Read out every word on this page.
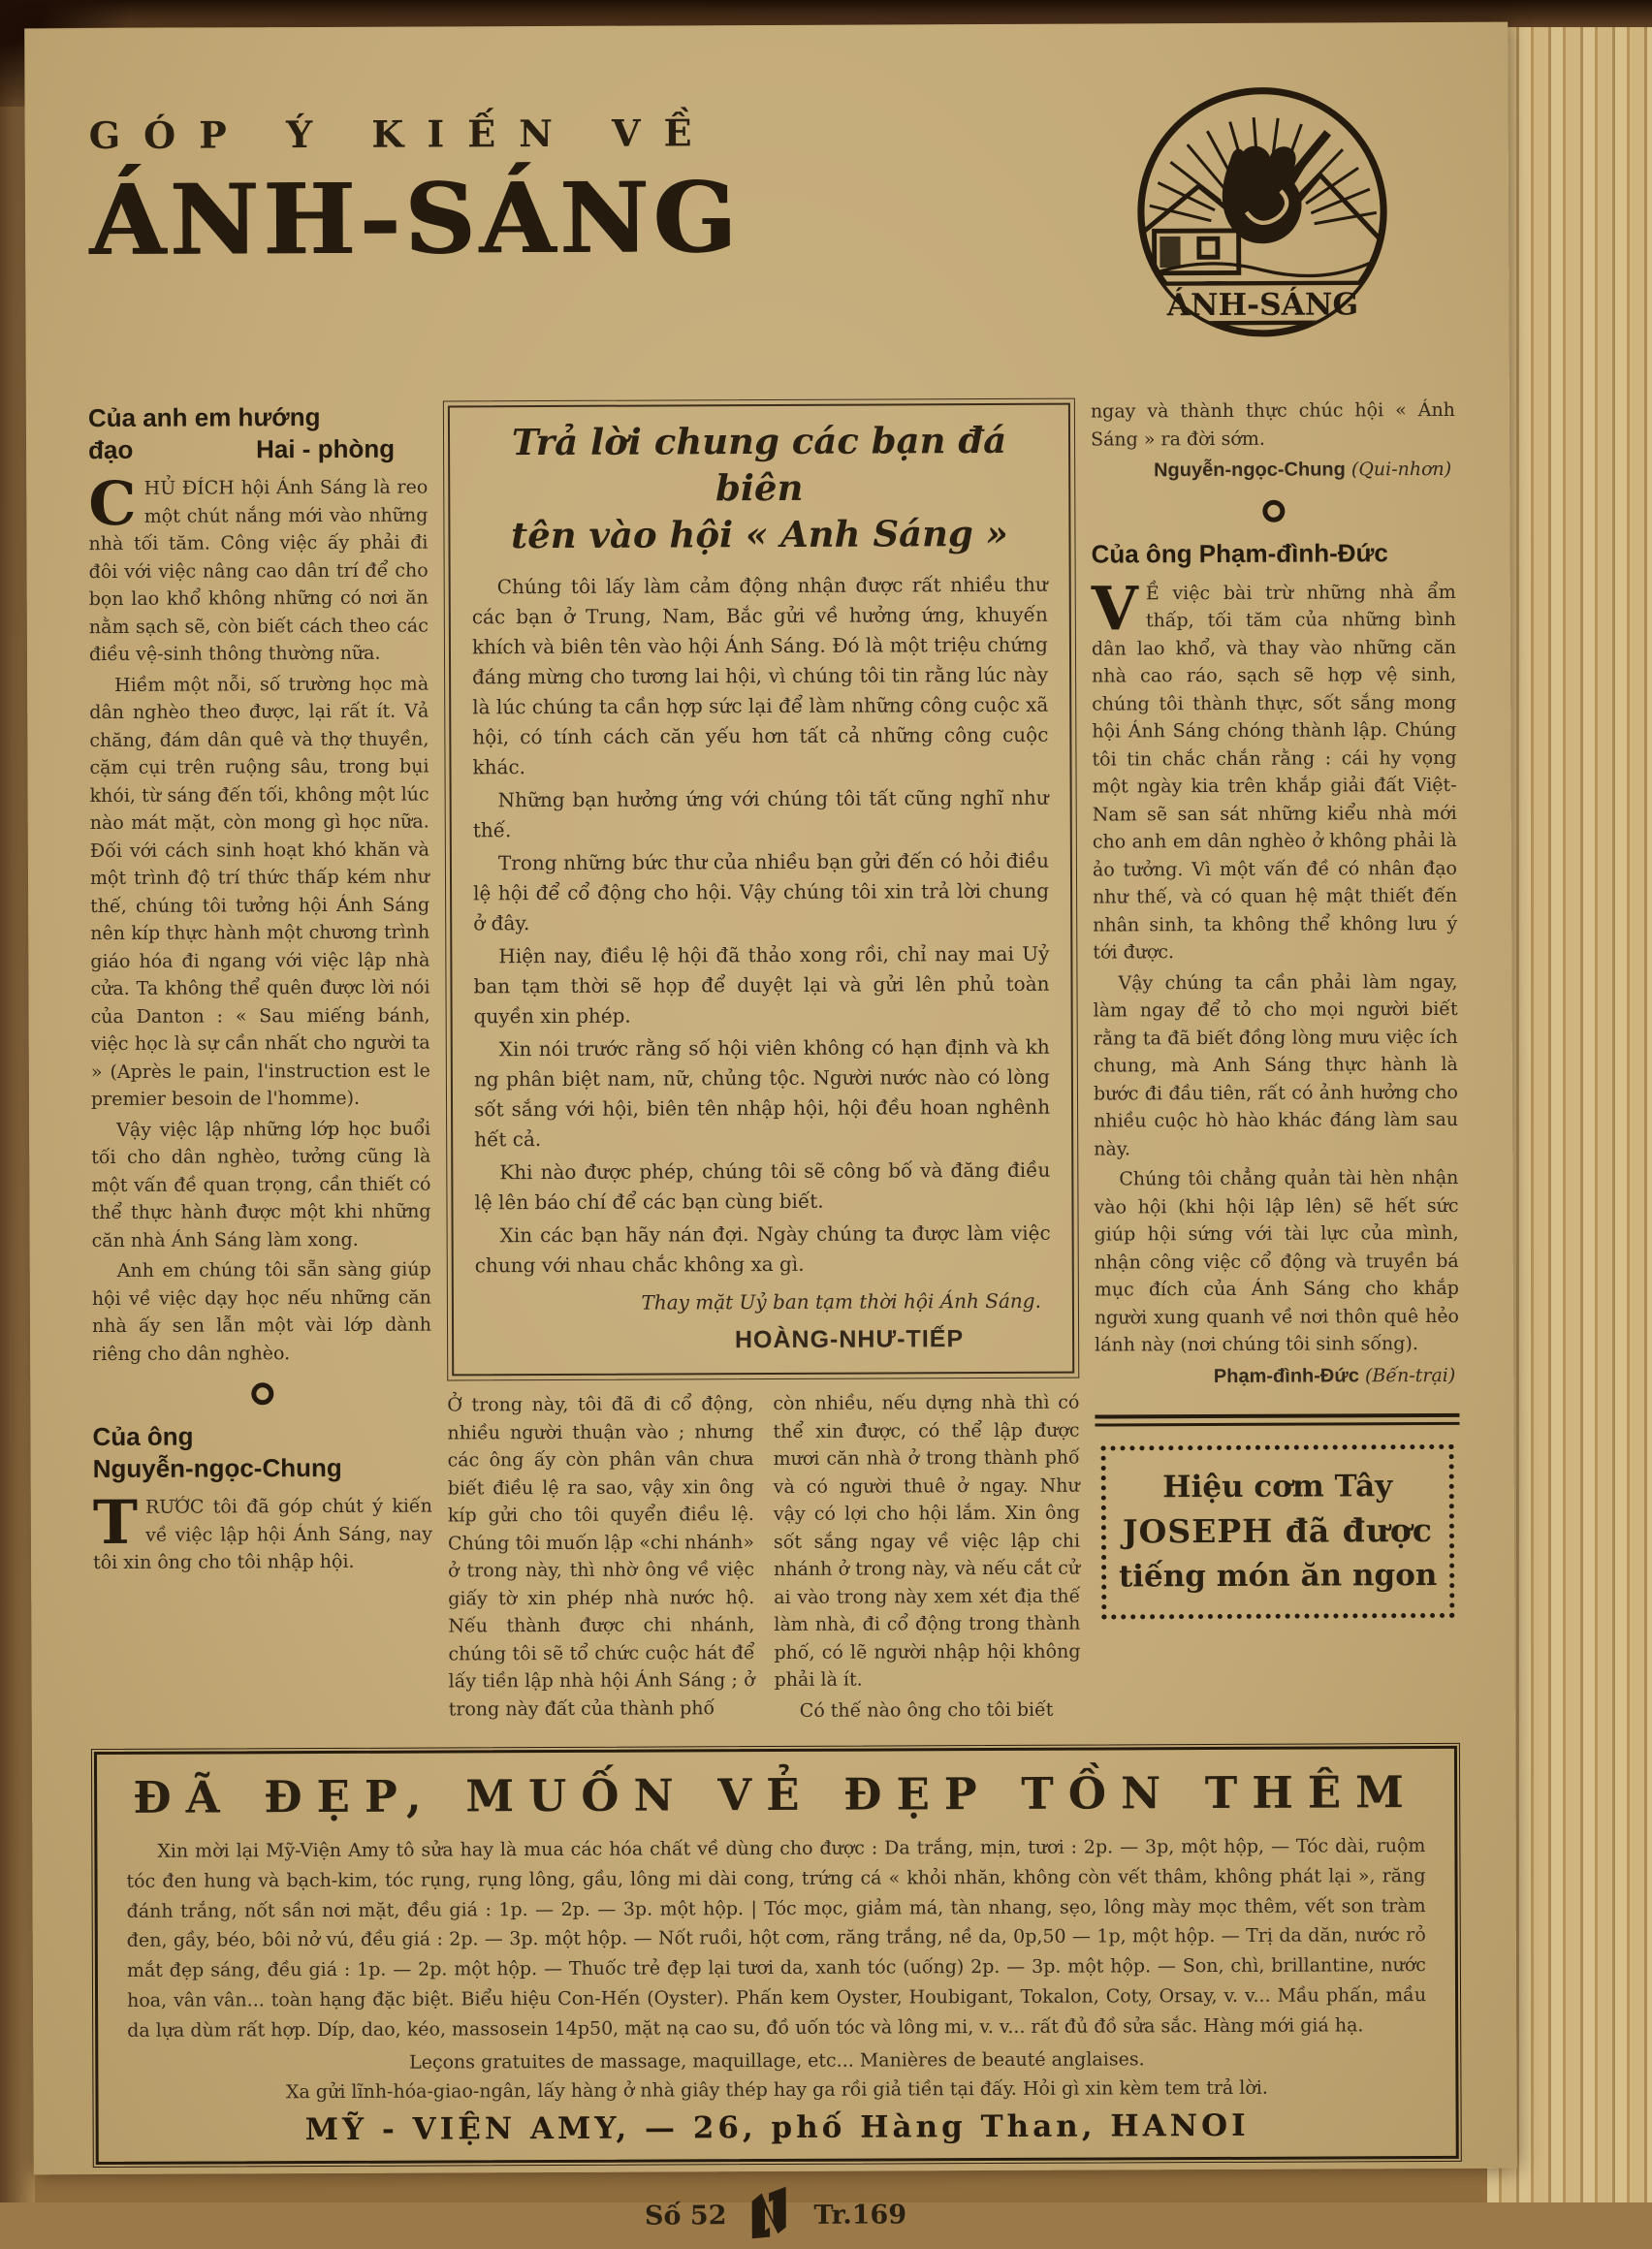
GÓP Ý KIẾN VỀ
ÁNH-SÁNG
ÁNH-SÁNG
Của anh em hướng
đạo	Hai - phòng

C HỦ ĐÍCH hội Ánh Sáng là reo một chút nắng mới vào những nhà tối tăm. Công việc ấy phải đi đôi với việc nâng cao dân trí để cho bọn lao khổ không những có nơi ăn nằm sạch sẽ, còn biết cách theo các điều vệ-sinh thông thường nữa.

Hiềm một nỗi, số trường học mà dân nghèo theo được, lại rất ít. Vả chăng, đám dân quê và thợ thuyền, cặm cụi trên ruộng sâu, trong bụi khói, từ sáng đến tối, không một lúc nào mát mặt, còn mong gì học nữa. Đối với cách sinh hoạt khó khăn và một trình độ trí thức thấp kém như thế, chúng tôi tưởng hội Ánh Sáng nên kíp thực hành một chương trình giáo hóa đi ngang với việc lập nhà cửa. Ta không thể quên được lời nói của Danton : « Sau miếng bánh, việc học là sự cần nhất cho người ta » (Après le pain, l'instruction est le premier besoin de l'homme).

Vậy việc lập những lớp học buổi tối cho dân nghèo, tưởng cũng là một vấn đề quan trọng, cần thiết có thể thực hành được một khi những căn nhà Ánh Sáng làm xong.

Anh em chúng tôi sẵn sàng giúp hội về việc dạy học nếu những căn nhà ấy sen lẫn một vài lớp dành riêng cho dân nghèo.

Của ông
Nguyễn-ngọc-Chung

T RƯỚC tôi đã góp chút ý kiến về việc lập hội Ánh Sáng, nay tôi xin ông cho tôi nhập hội.

Trả lời chung các bạn đá biên
tên vào hội « Anh Sáng »

Chúng tôi lấy làm cảm động nhận được rất nhiều thư các bạn ở Trung, Nam, Bắc gửi về hưởng ứng, khuyến khích và biên tên vào hội Ánh Sáng. Đó là một triệu chứng đáng mừng cho tương lai hội, vì chúng tôi tin rằng lúc này là lúc chúng ta cần hợp sức lại để làm những công cuộc xã hội, có tính cách căn yếu hơn tất cả những công cuộc khác.

Những bạn hưởng ứng với chúng tôi tất cũng nghĩ như thế.

Trong những bức thư của nhiều bạn gửi đến có hỏi điều lệ hội để cổ động cho hội. Vậy chúng tôi xin trả lời chung ở đây.

Hiện nay, điều lệ hội đã thảo xong rồi, chỉ nay mai Uỷ ban tạm thời sẽ họp để duyệt lại và gửi lên phủ toàn quyền xin phép.

Xin nói trước rằng số hội viên không có hạn định và kh ng phân biệt nam, nữ, chủng tộc. Người nước nào có lòng sốt sắng với hội, biên tên nhập hội, hội đều hoan nghênh hết cả.

Khi nào được phép, chúng tôi sẽ công bố và đăng điều lệ lên báo chí để các bạn cùng biết.

Xin các bạn hãy nán đợi. Ngày chúng ta được làm việc chung với nhau chắc không xa gì.

Thay mặt Uỷ ban tạm thời hội Ánh Sáng.

HOÀNG-NHƯ-TIẾP

Ở trong này, tôi đã đi cổ động, nhiều người thuận vào ; nhưng các ông ấy còn phân vân chưa biết điều lệ ra sao, vậy xin ông kíp gửi cho tôi quyển điều lệ. Chúng tôi muốn lập «chi nhánh» ở trong này, thì nhờ ông về việc giấy tờ xin phép nhà nước hộ. Nếu thành được chi nhánh, chúng tôi sẽ tổ chức cuộc hát để lấy tiền lập nhà hội Ánh Sáng ; ở trong này đất của thành phố

còn nhiều, nếu dựng nhà thì có thể xin được, có thể lập được mươi căn nhà ở trong thành phố và có người thuê ở ngay. Như vậy có lợi cho hội lắm. Xin ông sốt sắng ngay về việc lập chi nhánh ở trong này, và nếu cắt cử ai vào trong này xem xét địa thế làm nhà, đi cổ động trong thành phố, có lẽ người nhập hội không phải là ít.

Có thế nào ông cho tôi biết

ngay và thành thực chúc hội « Ánh Sáng » ra đời sớm.

Nguyễn-ngọc-Chung (Qui-nhơn)

Của ông Phạm-đình-Đức

V Ề việc bài trừ những nhà ẩm thấp, tối tăm của những bình dân lao khổ, và thay vào những căn nhà cao ráo, sạch sẽ hợp vệ sinh, chúng tôi thành thực, sốt sắng mong hội Ánh Sáng chóng thành lập. Chúng tôi tin chắc chắn rằng : cái hy vọng một ngày kia trên khắp giải đất Việt-Nam sẽ san sát những kiểu nhà mới cho anh em dân nghèo ở không phải là ảo tưởng. Vì một vấn đề có nhân đạo như thế, và có quan hệ mật thiết đến nhân sinh, ta không thể không lưu ý tới được.

Vậy chúng ta cần phải làm ngay, làm ngay để tỏ cho mọi người biết rằng ta đã biết đồng lòng mưu việc ích chung, mà Anh Sáng thực hành là bước đi đầu tiên, rất có ảnh hưởng cho nhiều cuộc hò hào khác đáng làm sau này.

Chúng tôi chẳng quản tài hèn nhận vào hội (khi hội lập lên) sẽ hết sức giúp hội sứng với tài lực của mình, nhận công việc cổ động và truyền bá mục đích của Ánh Sáng cho khắp người xung quanh về nơi thôn quê hẻo lánh này (nơi chúng tôi sinh sống).

Phạm-đình-Đức (Bến-trại)

Hiệu cơm Tây
JOSEPH đã được
tiếng món ăn ngon
ĐÃ ĐẸP, MUỐN VẺ ĐẸP TỒN THÊM

Xin mời lại Mỹ-Viện Amy tô sửa hay là mua các hóa chất về dùng cho được : Da trắng, mịn, tươi : 2p. — 3p, một hộp, — Tóc dài, ruộm tóc đen hung và bạch-kim, tóc rụng, rụng lông, gầu, lông mi dài cong, trứng cá « khỏi nhăn, không còn vết thâm, không phát lại », răng đánh trắng, nốt sần nơi mặt, đều giá : 1p. — 2p. — 3p. một hộp. | Tóc mọc, giảm má, tàn nhang, sẹo, lông mày mọc thêm, vết son tràm đen, gầy, béo, bôi nở vú, đều giá : 2p. — 3p. một hộp. — Nốt ruồi, hột cơm, răng trắng, nề da, 0p,50 — 1p, một hộp. — Trị da dăn, nước rỏ mắt đẹp sáng, đều giá : 1p. — 2p. một hộp. — Thuốc trẻ đẹp lại tươi da, xanh tóc (uống) 2p. — 3p. một hộp. — Son, chì, brillantine, nước hoa, vân vân... toàn hạng đặc biệt. Biểu hiệu Con-Hến (Oyster). Phấn kem Oyster, Houbigant, Tokalon, Coty, Orsay, v. v... Mầu phấn, mầu da lựa dùm rất hợp. Díp, dao, kéo, massosein 14p50, mặt nạ cao su, đồ uốn tóc và lông mi, v. v... rất đủ đồ sửa sắc. Hàng mới giá hạ.

Leçons gratuites de massage, maquillage, etc... Manières de beauté anglaises.

Xa gửi lĩnh-hóa-giao-ngân, lấy hàng ở nhà giây thép hay ga rồi giả tiền tại đấy. Hỏi gì xin kèm tem trả lời.

MỸ - VIỆN AMY, — 26, phố Hàng Than, HANOI
Số 52	Tr.169
